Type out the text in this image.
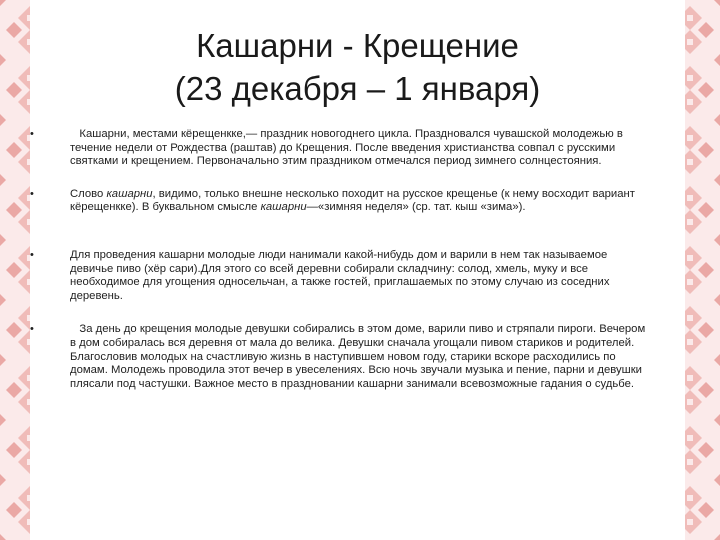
Кашарни - Крещение
(23 декабря – 1 января)
•	Кашарни, местами кёрещенкке,— праздник новогоднего цикла. Праздновался чувашской молодежью в течение недели от Рождества (раштав) до Крещения. После введения христианства совпал с русскими святками и крещением. Первоначально этим праздником отмечался период зимнего солнцестояния.

•	Слово кашарни, видимо, только внешне несколько походит на русское крещенье (к нему восходит вариант кёрещенкке). В буквальном смысле кашарни—«зимняя неделя» (ср. тат. кыш «зима»).

•	Для проведения кашарни молодые люди нанимали какой-нибудь дом и варили в нем так называемое девичье пиво (хёр сари).Для этого со всей деревни собирали складчину: солод, хмель, муку и все необходимое для угощения односельчан, а также гостей, приглашаемых по этому случаю из соседних деревень.

•	За день до крещения молодые девушки собирались в этом доме, варили пиво и стряпали пироги. Вечером в дом собиралась вся деревня от мала до велика. Девушки сначала угощали пивом стариков и родителей. Благословив молодых на счастливую жизнь в наступившем новом году, старики вскоре расходились по домам. Молодежь проводила этот вечер в увеселениях. Всю ночь звучали музыка и пение, парни и девушки плясали под частушки. Важное место в праздновании кашарни занимали всевозможные гадания о судьбе.
